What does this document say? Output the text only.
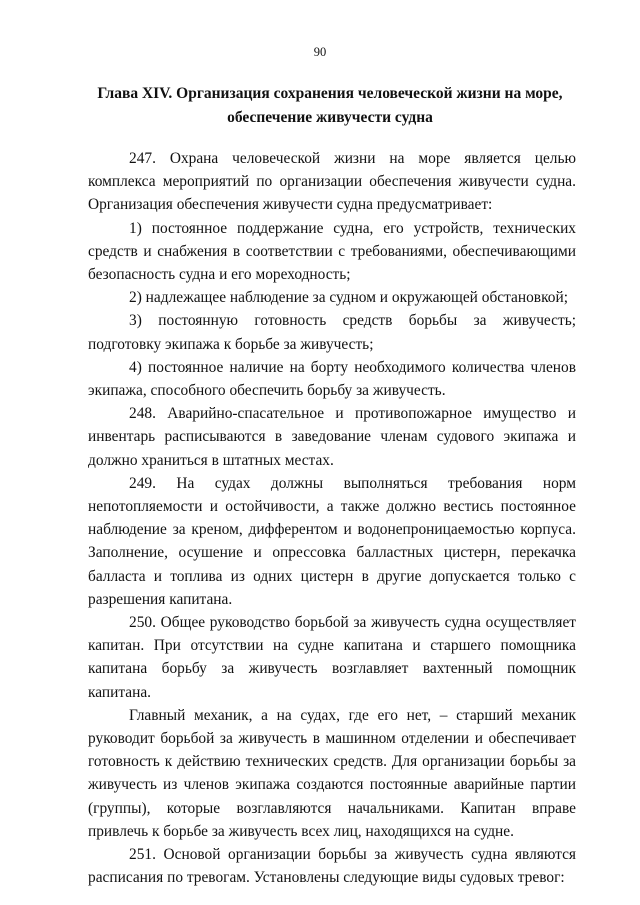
90
Глава XIV. Организация сохранения человеческой жизни на море,
обеспечение живучести судна

247. Охрана человеческой жизни на море является целью комплекса мероприятий по организации обеспечения живучести судна. Организация обеспечения живучести судна предусматривает:

1) постоянное поддержание судна, его устройств, технических средств и снабжения в соответствии с требованиями, обеспечивающими безопасность судна и его мореходность;

2) надлежащее наблюдение за судном и окружающей обстановкой;

3) постоянную готовность средств борьбы за живучесть; подготовку экипажа к борьбе за живучесть;

4) постоянное наличие на борту необходимого количества членов экипажа, способного обеспечить борьбу за живучесть.

248. Аварийно-спасательное и противопожарное имущество и инвентарь расписываются в заведование членам судового экипажа и должно храниться в штатных местах.

249. На судах должны выполняться требования норм непотопляемости и остойчивости, а также должно вестись постоянное наблюдение за креном, дифферентом и водонепроницаемостью корпуса. Заполнение, осушение и опрессовка балластных цистерн, перекачка балласта и топлива из одних цистерн в другие допускается только с разрешения капитана.

250. Общее руководство борьбой за живучесть судна осуществляет капитан. При отсутствии на судне капитана и старшего помощника капитана борьбу за живучесть возглавляет вахтенный помощник капитана.

Главный механик, а на судах, где его нет, – старший механик руководит борьбой за живучесть в машинном отделении и обеспечивает готовность к действию технических средств. Для организации борьбы за живучесть из членов экипажа создаются постоянные аварийные партии (группы), которые возглавляются начальниками. Капитан вправе привлечь к борьбе за живучесть всех лиц, находящихся на судне.

251. Основой организации борьбы за живучесть судна являются расписания по тревогам. Установлены следующие виды судовых тревог:
